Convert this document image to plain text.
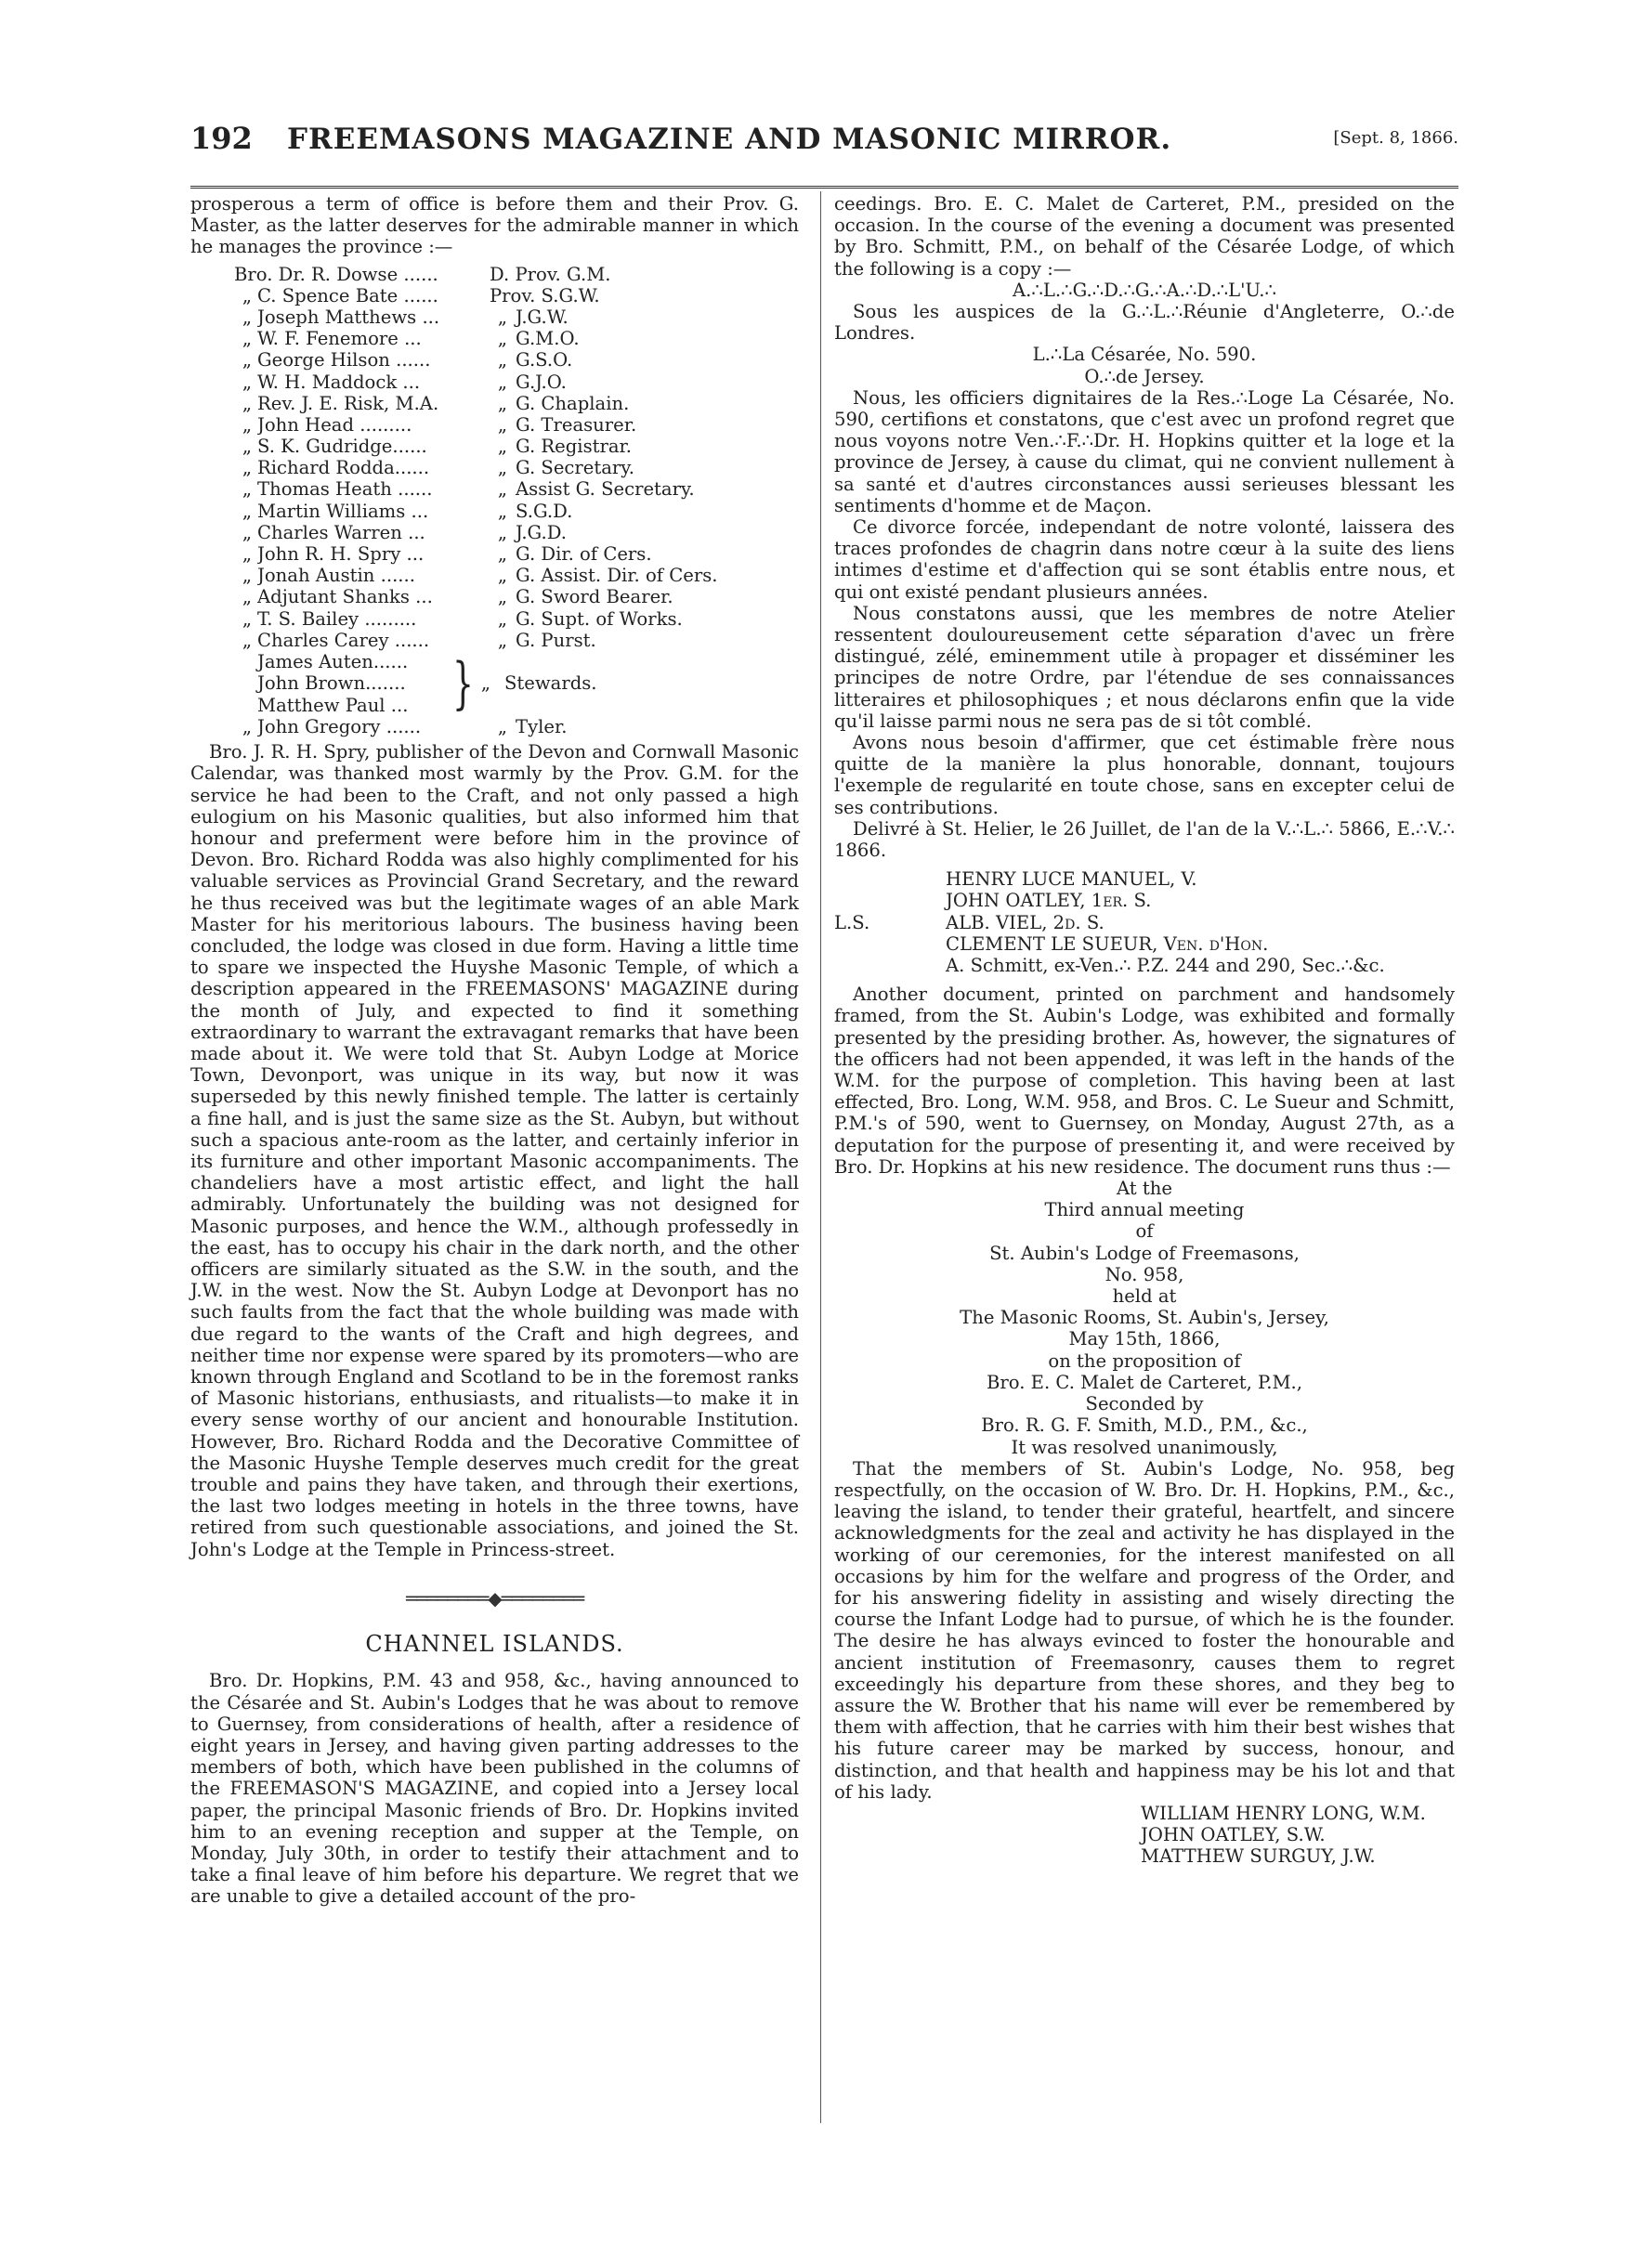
192 FREEMASONS MAGAZINE AND MASONIC MIRROR.	[Sept. 8, 1866.

prosperous a term of office is before them and their Prov. G. Master, as the latter deserves for the admirable manner in which he manages the province :—

Bro. Dr. R. Dowse ......	D. Prov. G.M.
„ C. Spence Bate ......	Prov. S.G.W.
„ Joseph Matthews ...	„ J.G.W.
„ W. F. Fenemore ...	„ G.M.O.
„ George Hilson ......	„ G.S.O.
„ W. H. Maddock ...	„ G.J.O.
„ Rev. J. E. Risk, M.A.	„ G. Chaplain.
„ John Head .........	„ G. Treasurer.
„ S. K. Gudridge......	„ G. Registrar.
„ Richard Rodda......	„ G. Secretary.
„ Thomas Heath ......	„ Assist G. Secretary.
„ Martin Williams ...	„ S.G.D.
„ Charles Warren ...	„ J.G.D.
„ John R. H. Spry ...	„ G. Dir. of Cers.
„ Jonah Austin ......	„ G. Assist. Dir. of Cers.
„ Adjutant Shanks ...	„ G. Sword Bearer.
„ T. S. Bailey .........	„ G. Supt. of Works.
„ Charles Carey ......	„ G. Purst.
James Auten......
John Brown.......
Matthew Paul ... } „ Stewards.
„ John Gregory ......	„ Tyler.

Bro. J. R. H. Spry, publisher of the Devon and Cornwall Masonic Calendar, was thanked most warmly by the Prov. G.M. for the service he had been to the Craft, and not only passed a high eulogium on his Masonic qualities, but also informed him that honour and preferment were before him in the province of Devon. Bro. Richard Rodda was also highly complimented for his valuable services as Provincial Grand Secretary, and the reward he thus received was but the legitimate wages of an able Mark Master for his meritorious labours. The business having been concluded, the lodge was closed in due form. Having a little time to spare we inspected the Huyshe Masonic Temple, of which a description appeared in the FREEMASONS' MAGAZINE during the month of July, and expected to find it something extraordinary to warrant the extravagant remarks that have been made about it. We were told that St. Aubyn Lodge at Morice Town, Devonport, was unique in its way, but now it was superseded by this newly finished temple. The latter is certainly a fine hall, and is just the same size as the St. Aubyn, but without such a spacious ante-room as the latter, and certainly inferior in its furniture and other important Masonic accompaniments. The chandeliers have a most artistic effect, and light the hall admirably. Unfortunately the building was not designed for Masonic purposes, and hence the W.M., although professedly in the east, has to occupy his chair in the dark north, and the other officers are similarly situated as the S.W. in the south, and the J.W. in the west. Now the St. Aubyn Lodge at Devonport has no such faults from the fact that the whole building was made with due regard to the wants of the Craft and high degrees, and neither time nor expense were spared by its promoters—who are known through England and Scotland to be in the foremost ranks of Masonic historians, enthusiasts, and ritualists—to make it in every sense worthy of our ancient and honourable Institution. However, Bro. Richard Rodda and the Decorative Committee of the Masonic Huyshe Temple deserves much credit for the great trouble and pains they have taken, and through their exertions, the last two lodges meeting in hotels in the three towns, have retired from such questionable associations, and joined the St. John's Lodge at the Temple in Princess-street.

════════◆════════
CHANNEL ISLANDS.

Bro. Dr. Hopkins, P.M. 43 and 958, &c., having announced to the Césarée and St. Aubin's Lodges that he was about to remove to Guernsey, from considerations of health, after a residence of eight years in Jersey, and having given parting addresses to the members of both, which have been published in the columns of the FREEMASON'S MAGAZINE, and copied into a Jersey local paper, the principal Masonic friends of Bro. Dr. Hopkins invited him to an evening reception and supper at the Temple, on Monday, July 30th, in order to testify their attachment and to take a final leave of him before his departure. We regret that we are unable to give a detailed account of the pro-

ceedings. Bro. E. C. Malet de Carteret, P.M., presided on the occasion. In the course of the evening a document was presented by Bro. Schmitt, P.M., on behalf of the Césarée Lodge, of which the following is a copy :—

A.∴L.∴G.∴D.∴G.∴A.∴D.∴L'U.∴

Sous les auspices de la G.∴L.∴Réunie d'Angleterre, O.∴de Londres.

L.∴La Césarée, No. 590.

O.∴de Jersey.

Nous, les officiers dignitaires de la Res.∴Loge La Césarée, No. 590, certifions et constatons, que c'est avec un profond regret que nous voyons notre Ven.∴F.∴Dr. H. Hopkins quitter et la loge et la province de Jersey, à cause du climat, qui ne convient nullement à sa santé et d'autres circonstances aussi serieuses blessant les sentiments d'homme et de Maçon.

Ce divorce forcée, independant de notre volonté, laissera des traces profondes de chagrin dans notre cœur à la suite des liens intimes d'estime et d'affection qui se sont établis entre nous, et qui ont existé pendant plusieurs années.

Nous constatons aussi, que les membres de notre Atelier ressentent douloureusement cette séparation d'avec un frère distingué, zélé, eminemment utile à propager et disséminer les principes de notre Ordre, par l'étendue de ses connaissances litteraires et philosophiques ; et nous déclarons enfin que la vide qu'il laisse parmi nous ne sera pas de si tôt comblé.

Avons nous besoin d'affirmer, que cet éstimable frère nous quitte de la manière la plus honorable, donnant, toujours l'exemple de regularité en toute chose, sans en excepter celui de ses contributions.

Delivré à St. Helier, le 26 Juillet, de l'an de la V.∴L.∴ 5866, E.∴V.∴ 1866.

HENRY LUCE MANUEL, V.
JOHN OATLEY, 1er. S.
L.S.	ALB. VIEL, 2d. S.
CLEMENT LE SUEUR, Ven. d'Hon.
A. Schmitt, ex-Ven.∴ P.Z. 244 and 290, Sec.∴&c.

Another document, printed on parchment and handsomely framed, from the St. Aubin's Lodge, was exhibited and formally presented by the presiding brother. As, however, the signatures of the officers had not been appended, it was left in the hands of the W.M. for the purpose of completion. This having been at last effected, Bro. Long, W.M. 958, and Bros. C. Le Sueur and Schmitt, P.M.'s of 590, went to Guernsey, on Monday, August 27th, as a deputation for the purpose of presenting it, and were received by Bro. Dr. Hopkins at his new residence. The document runs thus :—

At the

Third annual meeting

of

St. Aubin's Lodge of Freemasons,

No. 958,

held at

The Masonic Rooms, St. Aubin's, Jersey,

May 15th, 1866,

on the proposition of

Bro. E. C. Malet de Carteret, P.M.,

Seconded by

Bro. R. G. F. Smith, M.D., P.M., &c.,

It was resolved unanimously,

That the members of St. Aubin's Lodge, No. 958, beg respectfully, on the occasion of W. Bro. Dr. H. Hopkins, P.M., &c., leaving the island, to tender their grateful, heartfelt, and sincere acknowledgments for the zeal and activity he has displayed in the working of our ceremonies, for the interest manifested on all occasions by him for the welfare and progress of the Order, and for his answering fidelity in assisting and wisely directing the course the Infant Lodge had to pursue, of which he is the founder. The desire he has always evinced to foster the honourable and ancient institution of Freemasonry, causes them to regret exceedingly his departure from these shores, and they beg to assure the W. Brother that his name will ever be remembered by them with affection, that he carries with him their best wishes that his future career may be marked by success, honour, and distinction, and that health and happiness may be his lot and that of his lady.

WILLIAM HENRY LONG, W.M.

JOHN OATLEY, S.W.

MATTHEW SURGUY, J.W.
